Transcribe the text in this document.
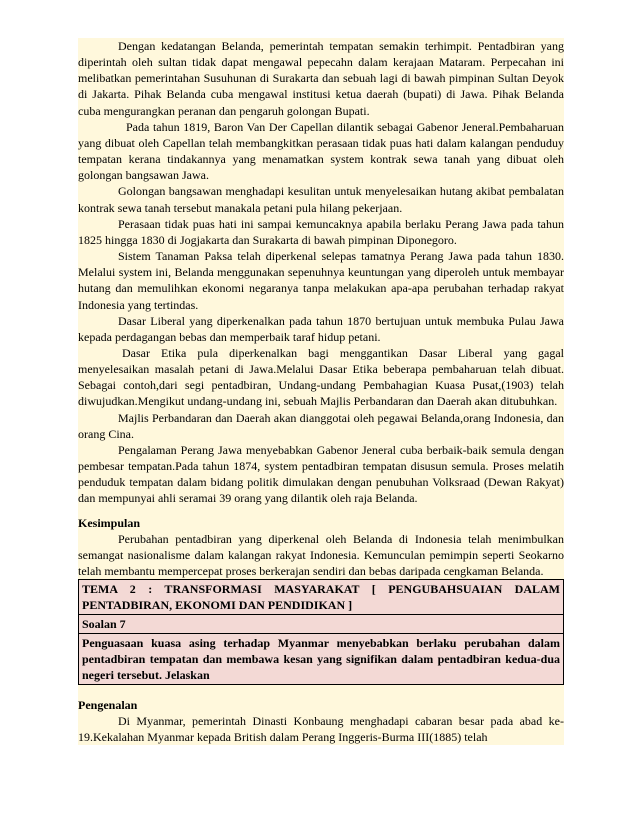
Dengan kedatangan Belanda, pemerintah tempatan semakin terhimpit. Pentadbiran yang diperintah oleh sultan tidak dapat mengawal pepecahn dalam kerajaan Mataram. Perpecahan ini melibatkan pemerintahan Susuhunan di Surakarta dan sebuah lagi di bawah pimpinan Sultan Deyok di Jakarta. Pihak Belanda cuba mengawal institusi ketua daerah (bupati) di Jawa. Pihak Belanda cuba mengurangkan peranan dan pengaruh golongan Bupati.

Pada tahun 1819, Baron Van Der Capellan dilantik sebagai Gabenor Jeneral.Pembaharuan yang dibuat oleh Capellan telah membangkitkan perasaan tidak puas hati dalam kalangan penduduy tempatan kerana tindakannya yang menamatkan system kontrak sewa tanah yang dibuat oleh golongan bangsawan Jawa.

Golongan bangsawan menghadapi kesulitan untuk menyelesaikan hutang akibat pembalatan kontrak sewa tanah tersebut manakala petani pula hilang pekerjaan.

Perasaan tidak puas hati ini sampai kemuncaknya apabila berlaku Perang Jawa pada tahun 1825 hingga 1830 di Jogjakarta dan Surakarta di bawah pimpinan Diponegoro.

Sistem Tanaman Paksa telah diperkenal selepas tamatnya Perang Jawa pada tahun 1830. Melalui system ini, Belanda menggunakan sepenuhnya keuntungan yang diperoleh untuk membayar hutang dan memulihkan ekonomi negaranya tanpa melakukan apa-apa perubahan terhadap rakyat Indonesia yang tertindas.

Dasar Liberal yang diperkenalkan pada tahun 1870 bertujuan untuk membuka Pulau Jawa kepada perdagangan bebas dan memperbaik taraf hidup petani.

Dasar Etika pula diperkenalkan bagi menggantikan Dasar Liberal yang gagal menyelesaikan masalah petani di Jawa.Melalui Dasar Etika beberapa pembaharuan telah dibuat. Sebagai contoh,dari segi pentadbiran, Undang-undang Pembahagian Kuasa Pusat,(1903) telah diwujudkan.Mengikut undang-undang ini, sebuah Majlis Perbandaran dan Daerah akan ditubuhkan.

Majlis Perbandaran dan Daerah akan dianggotai oleh pegawai Belanda,orang Indonesia, dan orang Cina.

Pengalaman Perang Jawa menyebabkan Gabenor Jeneral cuba berbaik-baik semula dengan pembesar tempatan.Pada tahun 1874, system pentadbiran tempatan disusun semula. Proses melatih penduduk tempatan dalam bidang politik dimulakan dengan penubuhan Volksraad (Dewan Rakyat) dan mempunyai ahli seramai 39 orang yang dilantik oleh raja Belanda.

Kesimpulan

Perubahan pentadbiran yang diperkenal oleh Belanda di Indonesia telah menimbulkan semangat nasionalisme dalam kalangan rakyat Indonesia. Kemunculan pemimpin seperti Seokarno telah membantu mempercepat proses berkerajan sendiri dan bebas daripada cengkaman Belanda.

TEMA 2 : TRANSFORMASI MASYARAKAT [ PENGUBAHSUAIAN DALAM PENTADBIRAN, EKONOMI DAN PENDIDIKAN ]
Soalan 7
Penguasaan kuasa asing terhadap Myanmar menyebabkan berlaku perubahan dalam pentadbiran tempatan dan membawa kesan yang signifikan dalam pentadbiran kedua-dua negeri tersebut. Jelaskan

Pengenalan

Di Myanmar, pemerintah Dinasti Konbaung menghadapi cabaran besar pada abad ke-19.Kekalahan Myanmar kepada British dalam Perang Inggeris-Burma III(1885) telah
